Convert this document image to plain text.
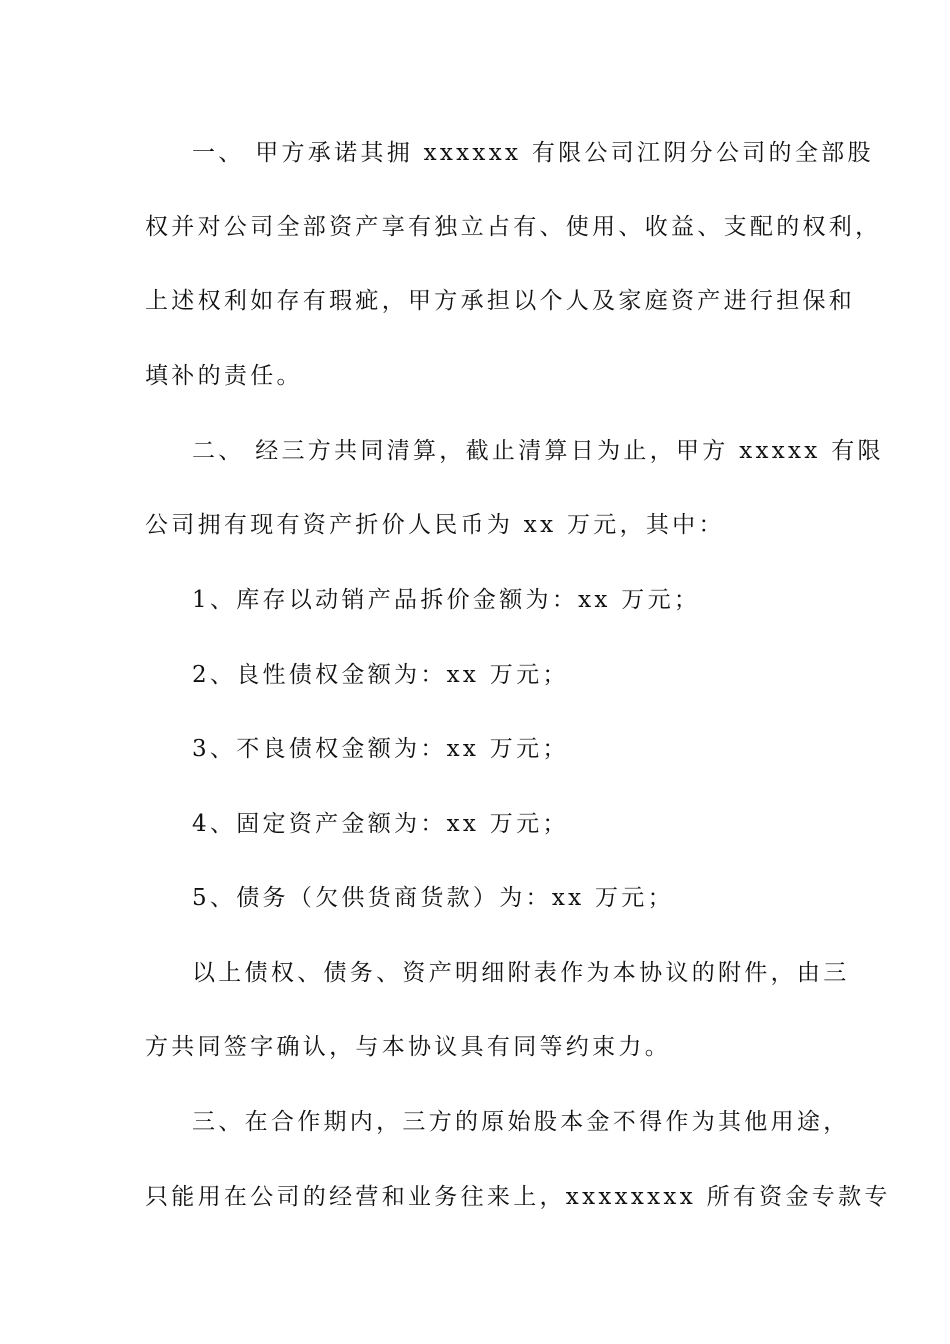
一、 甲方承诺其拥 xxxxxx 有限公司江阴分公司的全部股
权并对公司全部资产享有独立占有、使用、收益、支配的权利，
上述权利如存有瑕疵，甲方承担以个人及家庭资产进行担保和
填补的责任。
二、 经三方共同清算，截止清算日为止，甲方 xxxxx 有限
公司拥有现有资产折价人民币为 xx 万元，其中：
1、库存以动销产品拆价金额为：xx 万元；
2、良性债权金额为：xx 万元；
3、不良债权金额为：xx 万元；
4、固定资产金额为：xx 万元；
5、债务（欠供货商货款）为：xx 万元；
以上债权、债务、资产明细附表作为本协议的附件，由三
方共同签字确认，与本协议具有同等约束力。
三、在合作期内，三方的原始股本金不得作为其他用途，
只能用在公司的经营和业务往来上，xxxxxxxx 所有资金专款专
